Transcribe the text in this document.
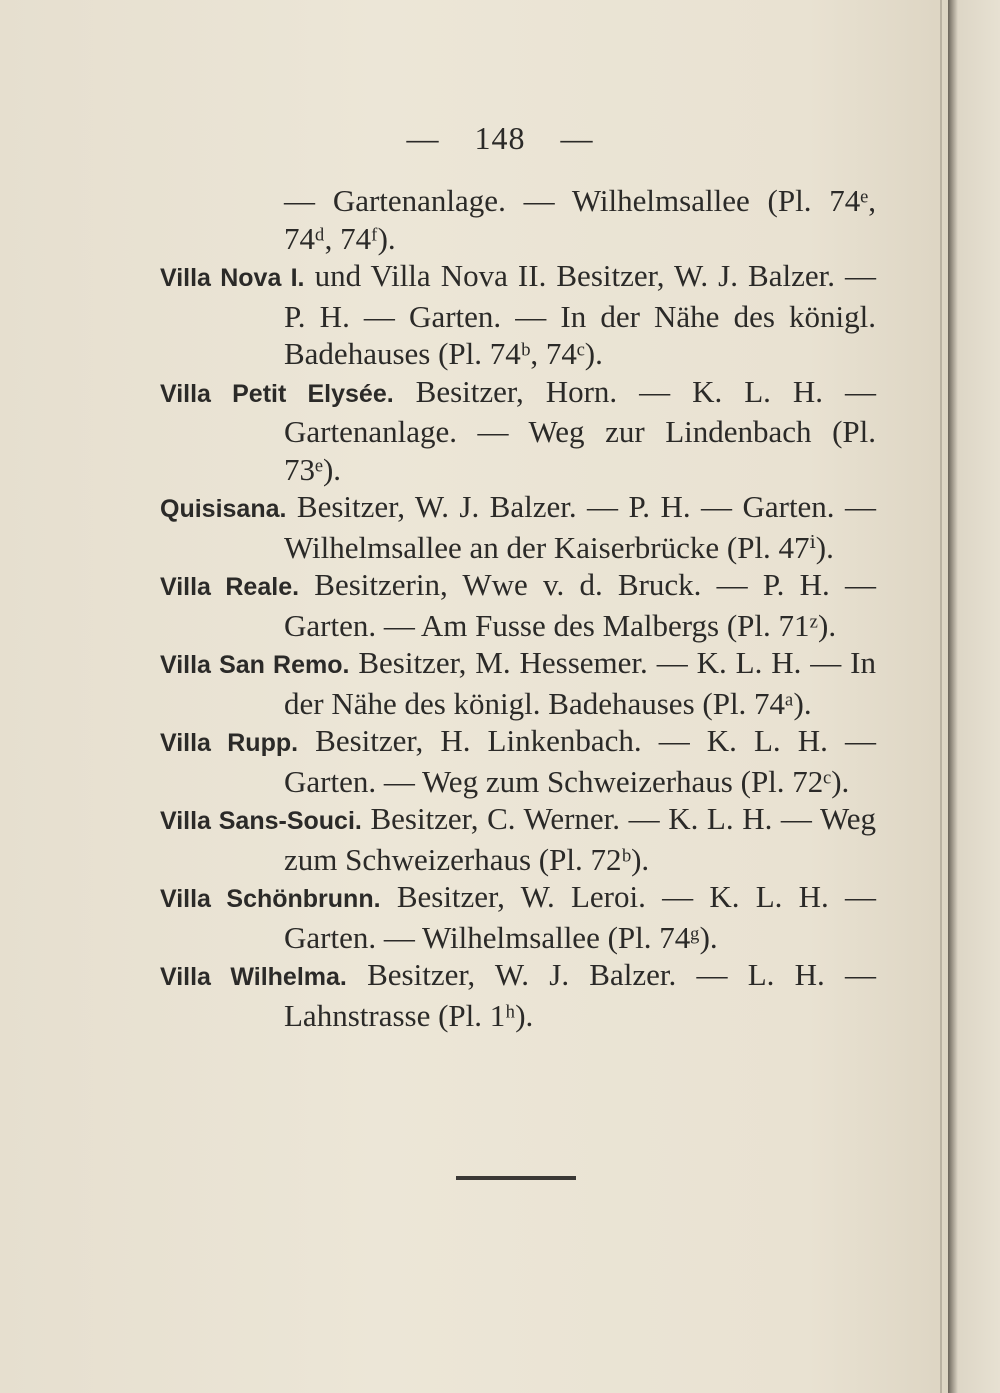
— 148 —
— Gartenanlage. — Wilhelmsallee (Pl. 74ᵉ, 74ᵈ, 74ᶠ).
Villa Nova I. und Villa Nova II. Besitzer, W. J. Balzer. — P. H. — Garten. — In der Nähe des königl. Badehauses (Pl. 74ᵇ, 74ᶜ).
Villa Petit Elysée. Besitzer, Horn. — K. L. H. — Gartenanlage. — Weg zur Lindenbach (Pl. 73ᵉ).
Quisisana. Besitzer, W. J. Balzer. — P. H. — Garten. — Wilhelmsallee an der Kaiserbrücke (Pl. 47ⁱ).
Villa Reale. Besitzerin, Wwe v. d. Bruck. — P. H. — Garten. — Am Fusse des Malbergs (Pl. 71ᶻ).
Villa San Remo. Besitzer, M. Hessemer. — K. L. H. — In der Nähe des königl. Badehauses (Pl. 74ᵃ).
Villa Rupp. Besitzer, H. Linkenbach. — K. L. H. — Garten. — Weg zum Schweizerhaus (Pl. 72ᶜ).
Villa Sans-Souci. Besitzer, C. Werner. — K. L. H. — Weg zum Schweizerhaus (Pl. 72ᵇ).
Villa Schönbrunn. Besitzer, W. Leroi. — K. L. H. — Garten. — Wilhelmsallee (Pl. 74ᵍ).
Villa Wilhelma. Besitzer, W. J. Balzer. — L. H. — Lahnstrasse (Pl. 1ʰ).
